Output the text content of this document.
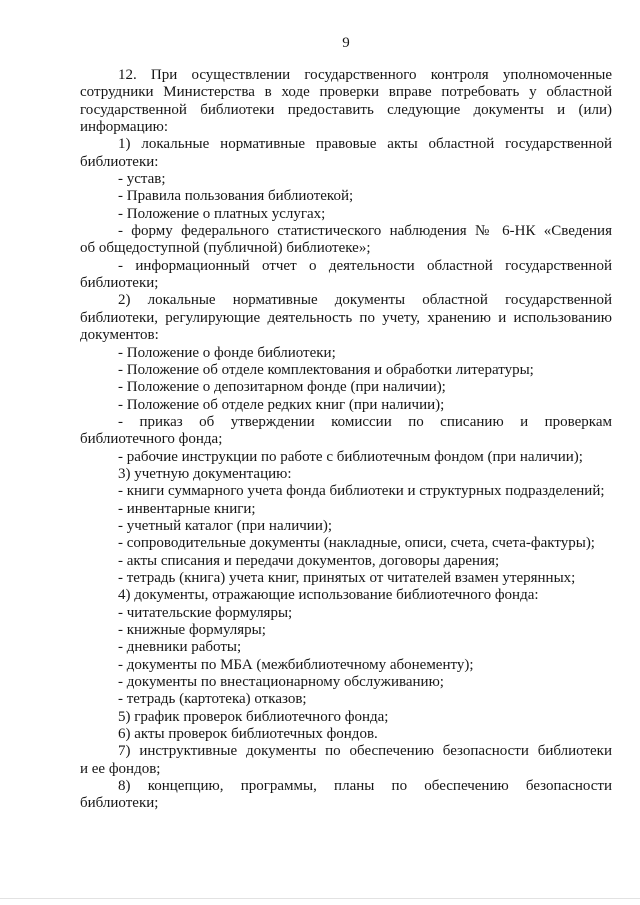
9
12. При осуществлении государственного контроля уполномоченные
сотрудники Министерства в ходе проверки вправе потребовать у областной
государственной библиотеки предоставить следующие документы и (или)
информацию:
1) локальные нормативные правовые акты областной государственной
библиотеки:
- устав;
- Правила пользования библиотекой;
- Положение о платных услугах;
- форму федерального статистического наблюдения № 6-НК «Сведения
об общедоступной (публичной) библиотеке»;
- информационный отчет о деятельности областной государственной
библиотеки;
2) локальные нормативные документы областной государственной
библиотеки, регулирующие деятельность по учету, хранению и использованию
документов:
- Положение о фонде библиотеки;
- Положение об отделе комплектования и обработки литературы;
- Положение о депозитарном фонде (при наличии);
- Положение об отделе редких книг (при наличии);
- приказ об утверждении комиссии по списанию и проверкам
библиотечного фонда;
- рабочие инструкции по работе с библиотечным фондом (при наличии);
3) учетную документацию:
- книги суммарного учета фонда библиотеки и структурных подразделений;
- инвентарные книги;
- учетный каталог (при наличии);
- сопроводительные документы (накладные, описи, счета, счета-фактуры);
- акты списания и передачи документов, договоры дарения;
- тетрадь (книга) учета книг, принятых от читателей взамен утерянных;
4) документы, отражающие использование библиотечного фонда:
- читательские формуляры;
- книжные формуляры;
- дневники работы;
- документы по МБА (межбиблиотечному абонементу);
- документы по внестационарному обслуживанию;
- тетрадь (картотека) отказов;
5) график проверок библиотечного фонда;
6) акты проверок библиотечных фондов.
7) инструктивные документы по обеспечению безопасности библиотеки
и ее фондов;
8) концепцию, программы, планы по обеспечению безопасности
библиотеки;
